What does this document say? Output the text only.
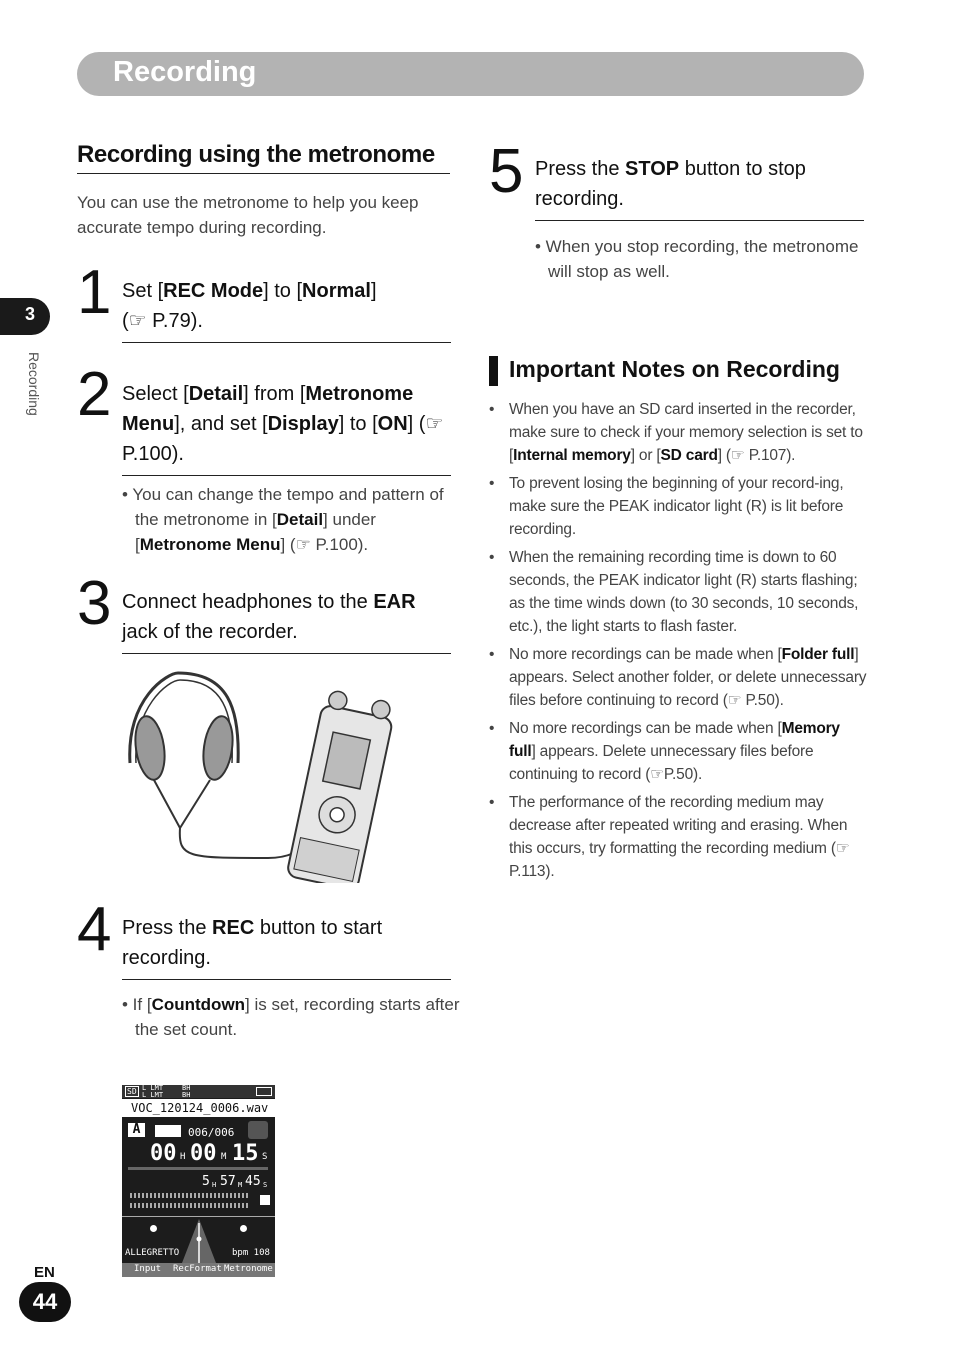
Recording
3
Recording
Recording using the metronome
You can use the metronome to help you keep accurate tempo during recording.
1 Set [REC Mode] to [Normal]
(☞ P.79).
2 Select [Detail] from [Metronome Menu], and set [Display] to [ON] (☞ P.100).
• You can change the tempo and pattern of the metronome in [Detail] under [Metronome Menu] (☞ P.100).
3 Connect headphones to the EAR jack of the recorder.
4 Press the REC button to start recording.
• If [Countdown] is set, recording starts after the set count.
SD L LMT
L LMT
BH
BH
VOC_120124_0006.wav
A	006/006
00 H 00 M 15 S
5 H 57 M 45 S
ALLEGRETTO	bpm 108
Input RecFormat Metronome
5 Press the STOP button to stop recording.
• When you stop recording, the metronome will stop as well.
Important Notes on Recording
• When you have an SD card inserted in the recorder, make sure to check if your memory selection is set to [Internal memory] or [SD card] (☞ P.107).
• To prevent losing the beginning of your record-ing, make sure the PEAK indicator light (R) is lit before recording.
• When the remaining recording time is down to 60 seconds, the PEAK indicator light (R) starts flashing; as the time winds down (to 30 seconds, 10 seconds, etc.), the light starts to flash faster.
• No more recordings can be made when [Folder full] appears. Select another folder, or delete unnecessary files before continuing to record (☞ P.50).
• No more recordings can be made when [Memory full] appears. Delete unnecessary files before continuing to record (☞P.50).
• The performance of the recording medium may decrease after repeated writing and erasing. When this occurs, try formatting the recording medium (☞ P.113).
EN
44
